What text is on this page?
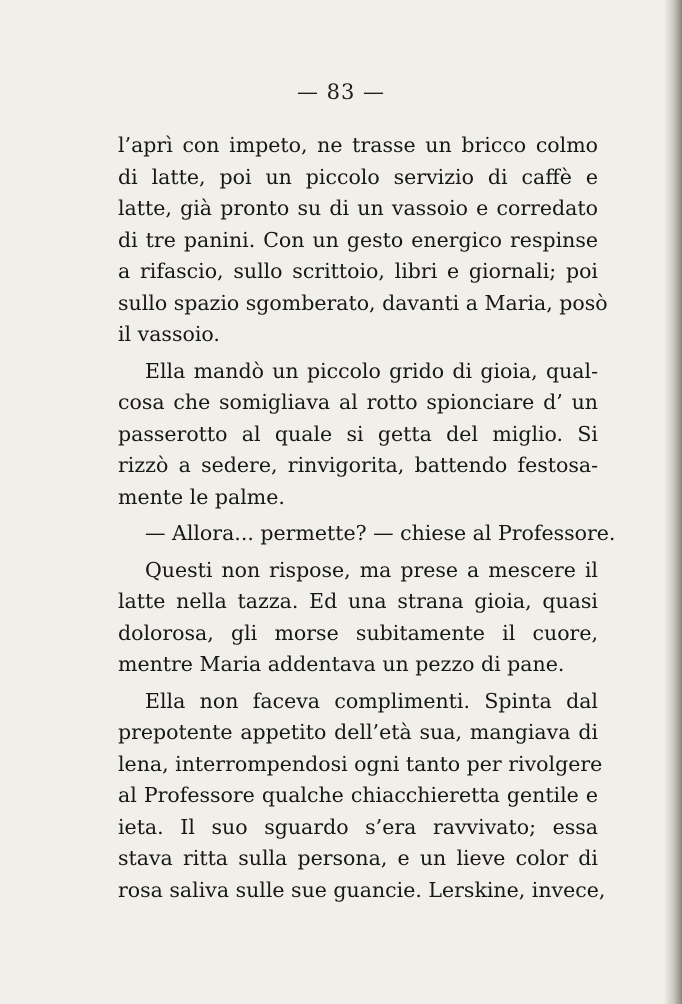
— 83 —
l’aprì con impeto, ne trasse un bricco colmo
di latte, poi un piccolo servizio di caffè e
latte, già pronto su di un vassoio e corredato
di tre panini. Con un gesto energico respinse
a rifascio, sullo scrittoio, libri e giornali; poi
sullo spazio sgomberato, davanti a Maria, posò
il vassoio.
Ella mandò un piccolo grido di gioia, qual-
cosa che somigliava al rotto spionciare d’ un
passerotto al quale si getta del miglio. Si
rizzò a sedere, rinvigorita, battendo festosa-
mente le palme.
— Allora... permette? — chiese al Professore.
Questi non rispose, ma prese a mescere il
latte nella tazza. Ed una strana gioia, quasi
dolorosa, gli morse subitamente il cuore,
mentre Maria addentava un pezzo di pane.
Ella non faceva complimenti. Spinta dal
prepotente appetito dell’età sua, mangiava di
lena, interrompendosi ogni tanto per rivolgere
al Professore qualche chiacchieretta gentile e
ieta. Il suo sguardo s’era ravvivato; essa
stava ritta sulla persona, e un lieve color di
rosa saliva sulle sue guancie. Lerskine, invece,
